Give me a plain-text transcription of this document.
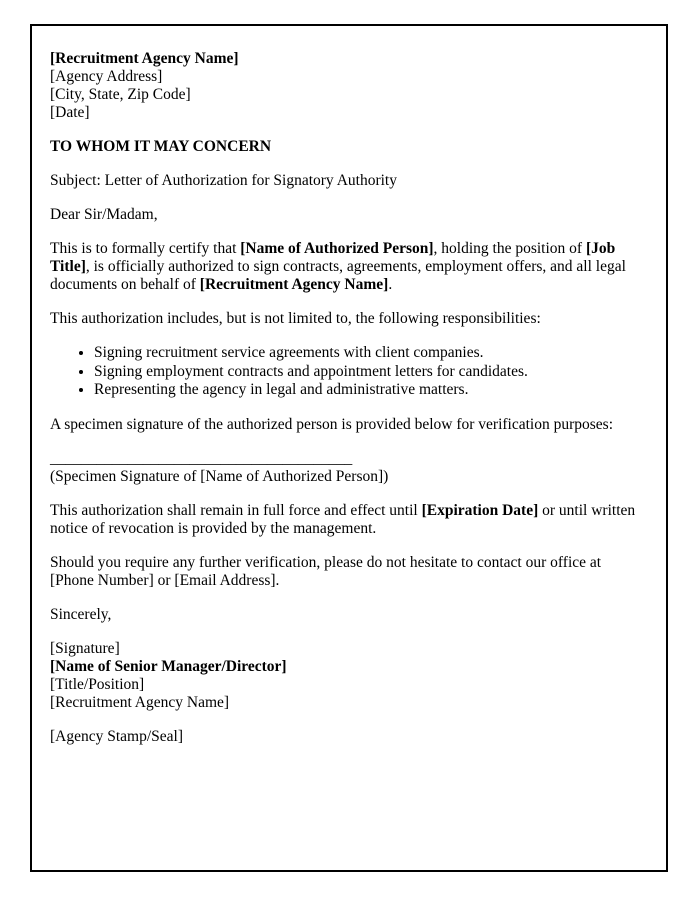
[Recruitment Agency Name]
[Agency Address]
[City, State, Zip Code]
[Date]

TO WHOM IT MAY CONCERN

Subject: Letter of Authorization for Signatory Authority

Dear Sir/Madam,

This is to formally certify that [Name of Authorized Person], holding the position of [Job Title], is officially authorized to sign contracts, agreements, employment offers, and all legal documents on behalf of [Recruitment Agency Name].

This authorization includes, but is not limited to, the following responsibilities:

• Signing recruitment service agreements with client companies.
• Signing employment contracts and appointment letters for candidates.
• Representing the agency in legal and administrative matters.

A specimen signature of the authorized person is provided below for verification purposes:

_______________________________________
(Specimen Signature of [Name of Authorized Person])

This authorization shall remain in full force and effect until [Expiration Date] or until written notice of revocation is provided by the management.

Should you require any further verification, please do not hesitate to contact our office at [Phone Number] or [Email Address].

Sincerely,

[Signature]
[Name of Senior Manager/Director]
[Title/Position]
[Recruitment Agency Name]

[Agency Stamp/Seal]
